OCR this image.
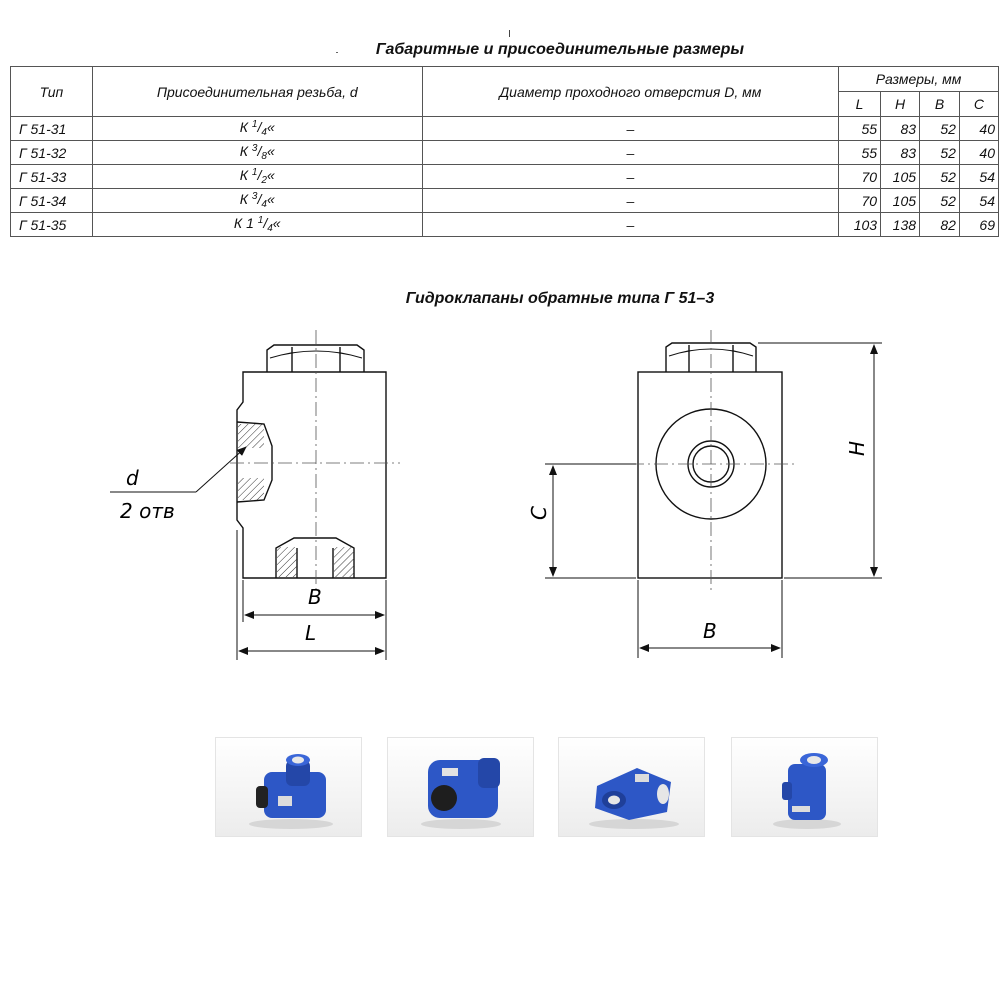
Габаритные и присоединительные размеры
Тип	Присоединительная резьба, d	Диаметр проходного отверстия D, мм	Размеры, мм			
			L	H	B	C
Г 51-31	К $^1/_4«$	–	55	83	52	40
Г 51-32	К $^3/_8«$	–	55	83	52	40
Г 51-33	К $^1/_2«$	–	70	105	52	54
Г 51-34	К $^3/_4«$	–	70	105	52	54
Г 51-35	К 1 $^1/_4«$	–	103	138	82	69
Гидроклапаны обратные типа Г 51–3
d
2 отв
B
L
C
H
B
